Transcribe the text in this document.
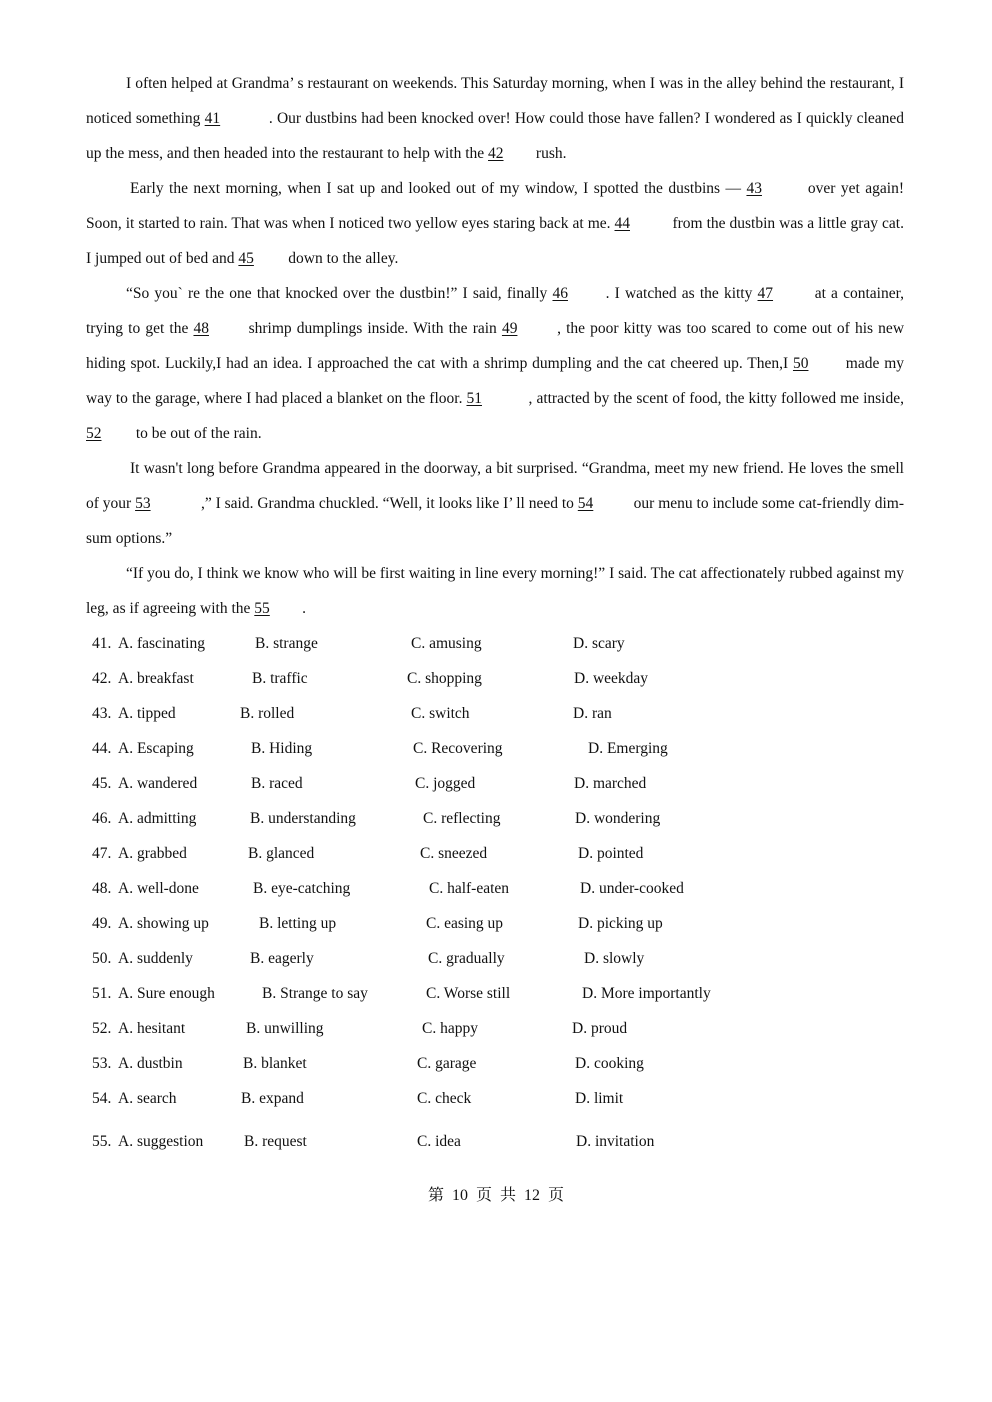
I often helped at Grandma’ s restaurant on weekends. This Saturday morning, when I was in the alley behind the restaurant, I noticed something 41	. Our dustbins had been knocked over! How could those have fallen? I wondered as I quickly cleaned up the mess, and then headed into the restaurant to help with the 42 rush.

Early the next morning, when I sat up and looked out of my window, I spotted the dustbins — 43	over yet again! Soon, it started to rain. That was when I noticed two yellow eyes staring back at me. 44 from the dustbin was a little gray cat. I jumped out of bed and 45 down to the alley.

“So you` re the one that knocked over the dustbin!” I said, finally 46 . I watched as the kitty 47 at a container, trying to get the 48 shrimp dumplings inside. With the rain 49 , the poor kitty was too scared to come out of his new hiding spot. Luckily,I had an idea. I approached the cat with a shrimp dumpling and the cat cheered up. Then,I 50 made my way to the garage, where I had placed a blanket on the floor. 51	, attracted by the scent of food, the kitty followed me inside, 52 to be out of the rain.

It wasn't long before Grandma appeared in the doorway, a bit surprised. “Grandma, meet my new friend. He loves the smell of your 53	,” I said. Grandma chuckled. “Well, it looks like I’ ll need to 54 our menu to include some cat-friendly dim-sum options.”

“If you do, I think we know who will be first waiting in line every morning!” I said. The cat affectionately rubbed against my leg, as if agreeing with the 55 .

41. A. fascinating	B. strange	C. amusing	D. scary
42. A. breakfast	B. traffic	C. shopping	D. weekday
43. A. tipped	B. rolled	C. switch	D. ran
44. A. Escaping	B. Hiding	C. Recovering	D. Emerging
45. A. wandered	B. raced	C. jogged	D. marched
46. A. admitting	B. understanding	C. reflecting	D. wondering
47. A. grabbed	B. glanced	C. sneezed	D. pointed
48. A. well-done	B. eye-catching	C. half-eaten	D. under-cooked
49. A. showing up	B. letting up	C. easing up	D. picking up
50. A. suddenly	B. eagerly	C. gradually	D. slowly
51. A. Sure enough	B. Strange to say	C. Worse still	D. More importantly
52. A. hesitant	B. unwilling	C. happy	D. proud
53. A. dustbin	B. blanket	C. garage	D. cooking
54. A. search	B. expand	C. check	D. limit
55. A. suggestion	B. request	C. idea	D. invitation
第 10 页 共 12 页
